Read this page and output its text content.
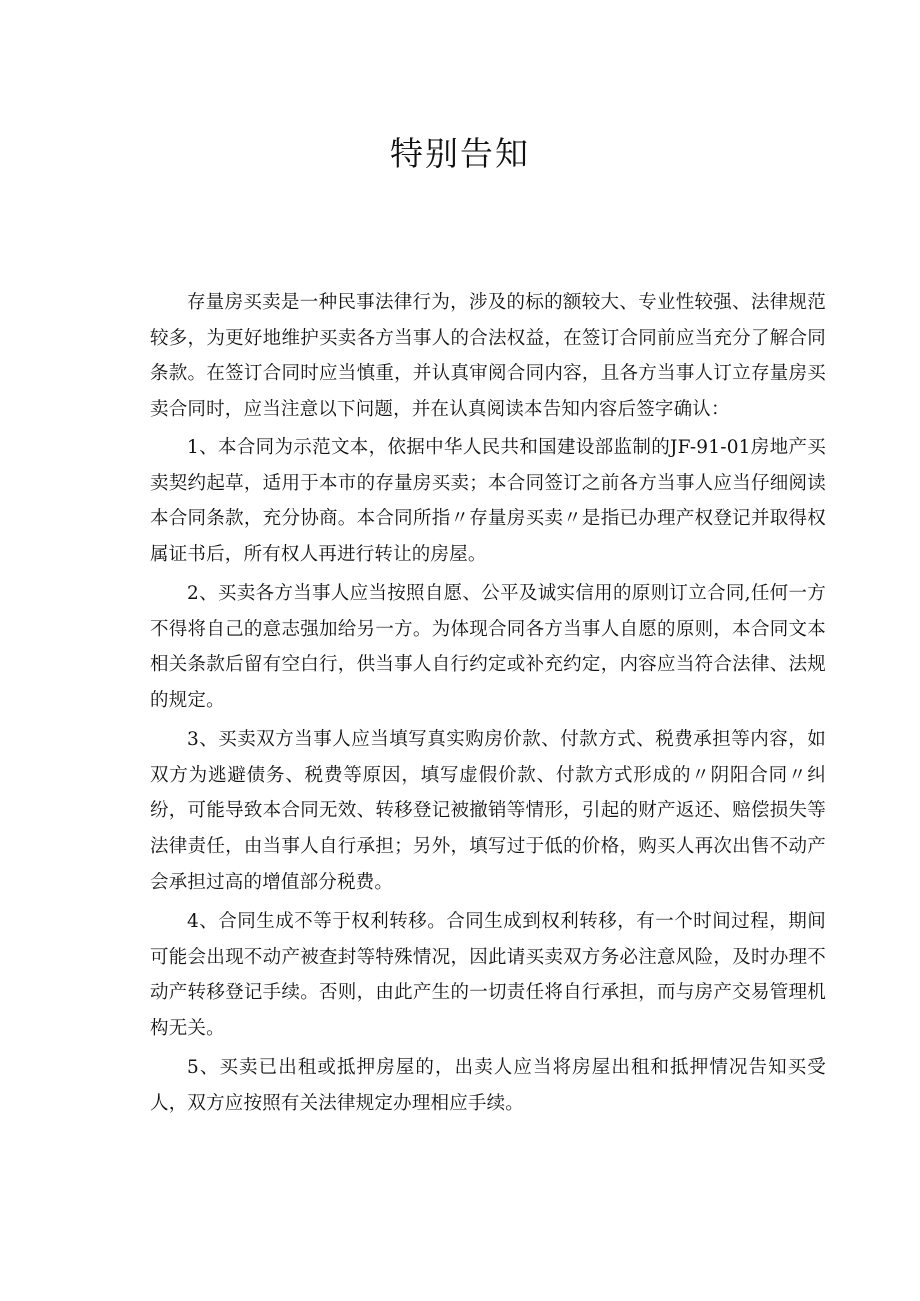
特别告知

存量房买卖是一种民事法律行为，涉及的标的额较大、专业性较强、法律规范较多，为更好地维护买卖各方当事人的合法权益，在签订合同前应当充分了解合同条款。在签订合同时应当慎重，并认真审阅合同内容，且各方当事人订立存量房买卖合同时，应当注意以下问题，并在认真阅读本告知内容后签字确认：

1、本合同为示范文本，依据中华人民共和国建设部监制的JF-91-01房地产买卖契约起草，适用于本市的存量房买卖；本合同签订之前各方当事人应当仔细阅读本合同条款，充分协商。本合同所指〃存量房买卖〃是指已办理产权登记并取得权属证书后，所有权人再进行转让的房屋。

2、买卖各方当事人应当按照自愿、公平及诚实信用的原则订立合同,任何一方不得将自己的意志强加给另一方。为体现合同各方当事人自愿的原则，本合同文本相关条款后留有空白行，供当事人自行约定或补充约定，内容应当符合法律、法规的规定。

3、买卖双方当事人应当填写真实购房价款、付款方式、税费承担等内容，如双方为逃避债务、税费等原因，填写虚假价款、付款方式形成的〃阴阳合同〃纠纷，可能导致本合同无效、转移登记被撤销等情形，引起的财产返还、赔偿损失等法律责任，由当事人自行承担；另外，填写过于低的价格，购买人再次出售不动产会承担过高的增值部分税费。

4、合同生成不等于权利转移。合同生成到权利转移，有一个时间过程，期间可能会出现不动产被查封等特殊情况，因此请买卖双方务必注意风险，及时办理不动产转移登记手续。否则，由此产生的一切责任将自行承担，而与房产交易管理机构无关。

5、买卖已出租或抵押房屋的，出卖人应当将房屋出租和抵押情况告知买受人，双方应按照有关法律规定办理相应手续。
